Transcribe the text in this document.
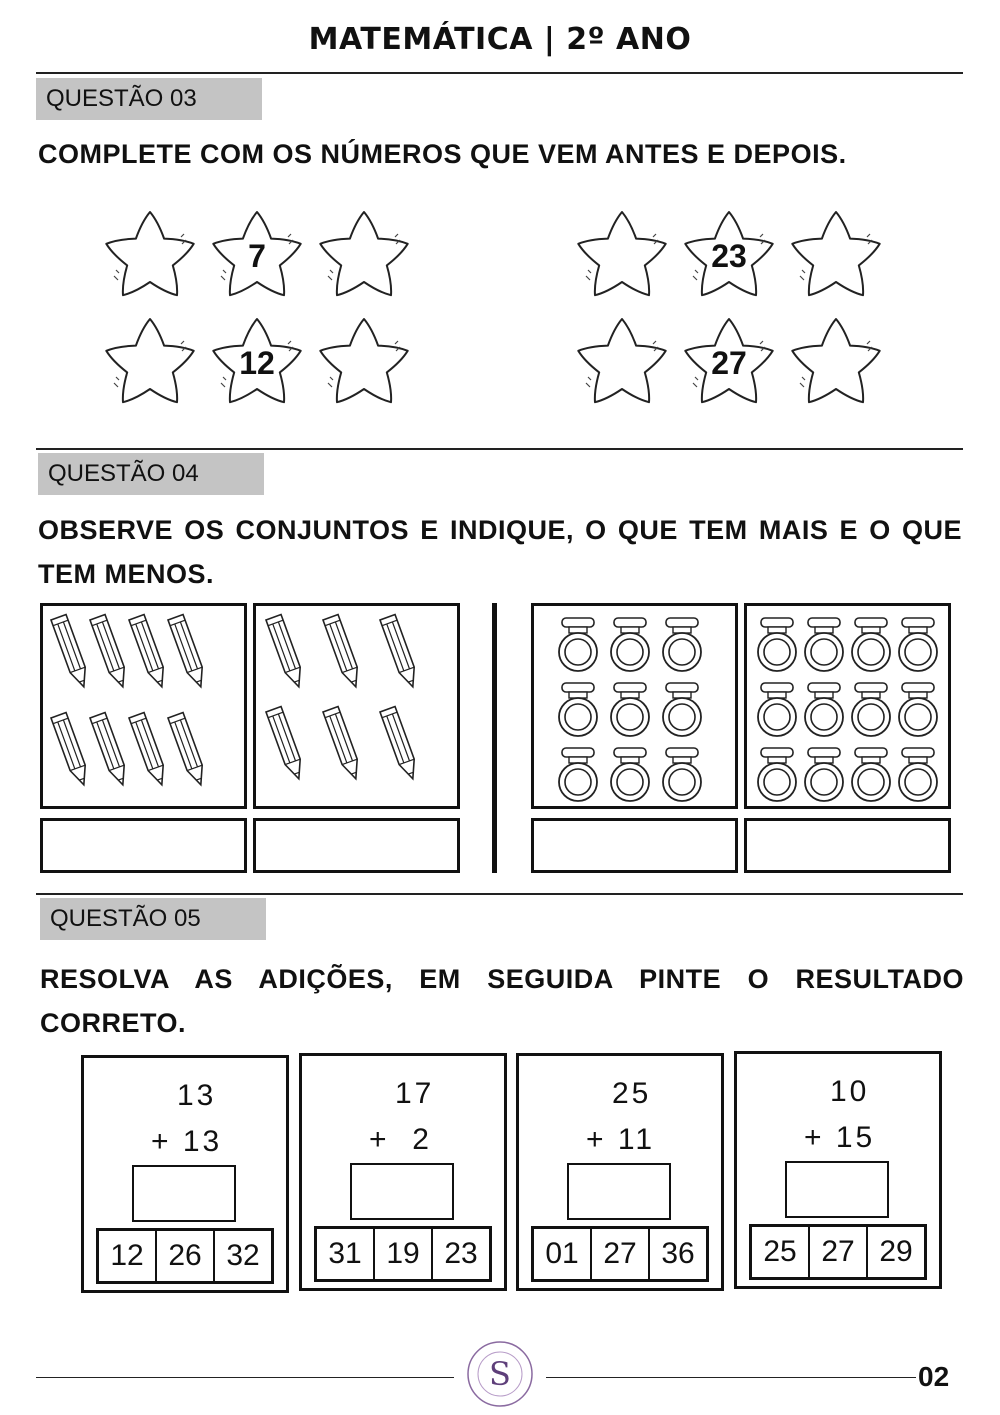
MATEMÁTICA | 2º ANO
QUESTÃO 03
COMPLETE COM OS NÚMEROS QUE VEM ANTES E DEPOIS.
7
12
23
27
QUESTÃO 04
OBSERVE OS CONJUNTOS E INDIQUE, O QUE TEM MAIS E O QUE TEM MENOS.
QUESTÃO 05
RESOLVA AS ADIÇÕES, EM SEGUIDA PINTE O RESULTADO CORRETO.
13
+ 13
12 26 32
17
+  2
31 19 23
25
+ 11
01 27 36
10
+ 15
25 27 29
S	02
